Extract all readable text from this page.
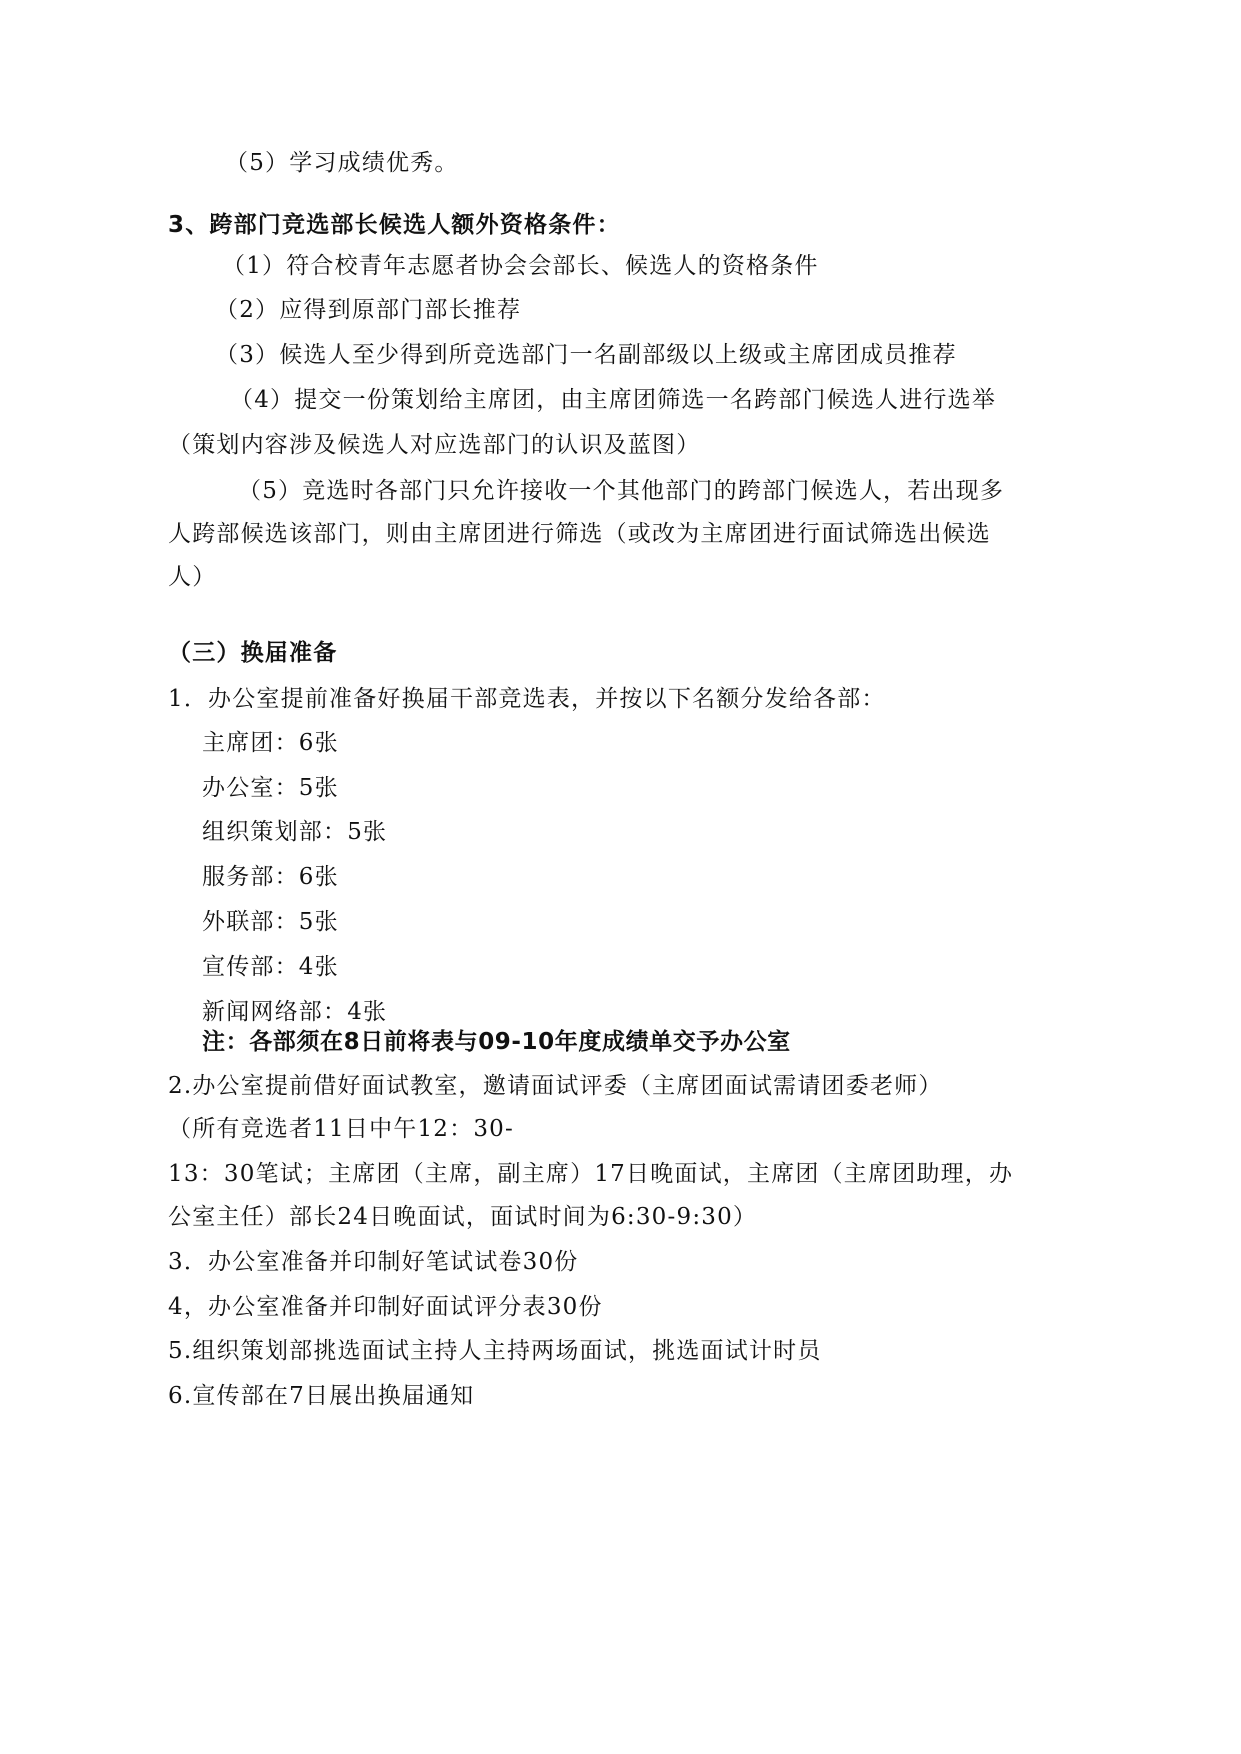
（5）学习成绩优秀。
3、跨部门竞选部长候选人额外资格条件：
（1）符合校青年志愿者协会会部长、候选人的资格条件
（2）应得到原部门部长推荐
（3）候选人至少得到所竞选部门一名副部级以上级或主席团成员推荐
（4）提交一份策划给主席团，由主席团筛选一名跨部门候选人进行选举
（策划内容涉及候选人对应选部门的认识及蓝图）
（5）竞选时各部门只允许接收一个其他部门的跨部门候选人，若出现多
人跨部候选该部门，则由主席团进行筛选（或改为主席团进行面试筛选出候选
人）
（三）换届准备
1．办公室提前准备好换届干部竞选表，并按以下名额分发给各部：
主席团：6张
办公室：5张
组织策划部：5张
服务部：6张
外联部：5张
宣传部：4张
新闻网络部：4张
注：各部须在8日前将表与09-10年度成绩单交予办公室
2.办公室提前借好面试教室，邀请面试评委（主席团面试需请团委老师）
（所有竞选者11日中午12：30-
13：30笔试；主席团（主席，副主席）17日晚面试，主席团（主席团助理，办
公室主任）部长24日晚面试，面试时间为6:30-9:30）
3．办公室准备并印制好笔试试卷30份
4，办公室准备并印制好面试评分表30份
5.组织策划部挑选面试主持人主持两场面试，挑选面试计时员
6.宣传部在7日展出换届通知
